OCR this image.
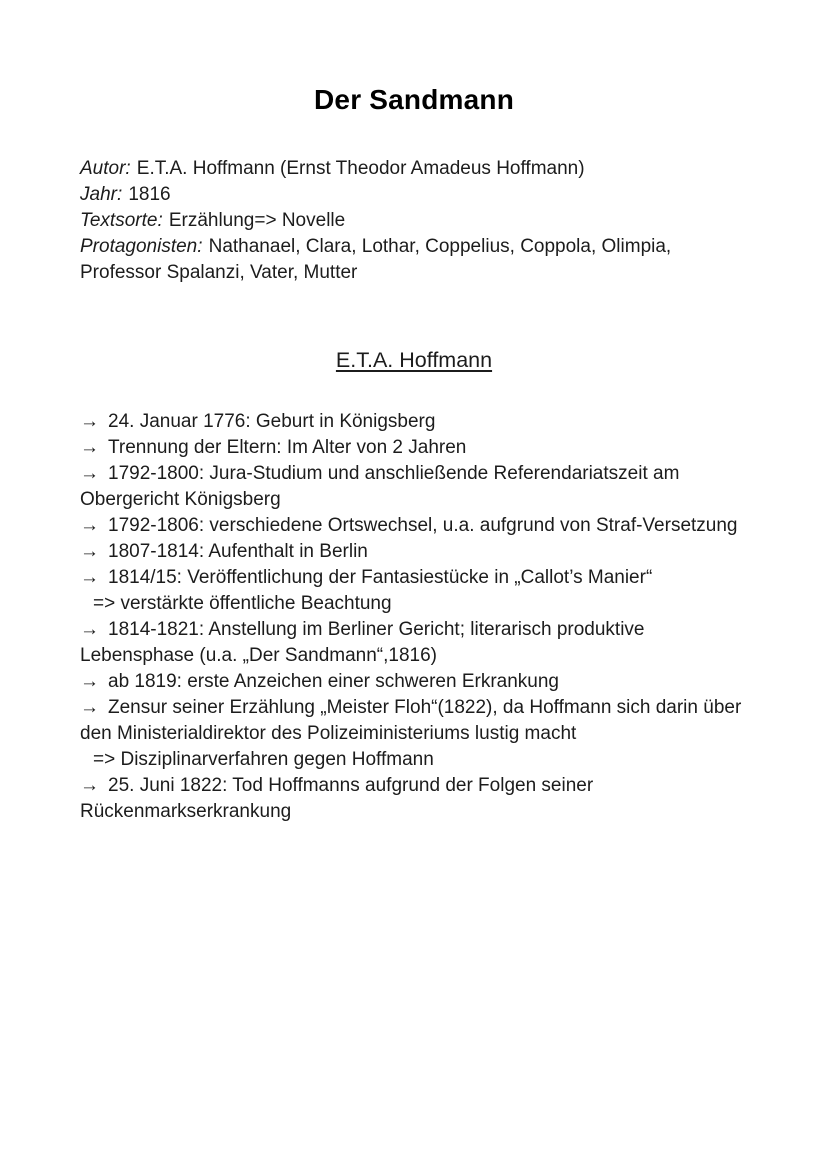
Der Sandmann

Autor: E.T.A. Hoffmann (Ernst Theodor Amadeus Hoffmann)

Jahr: 1816

Textsorte: Erzählung=> Novelle

Protagonisten: Nathanael, Clara, Lothar, Coppelius, Coppola, Olimpia, Professor Spalanzi, Vater, Mutter

E.T.A. Hoffmann

→ 24. Januar 1776: Geburt in Königsberg

→ Trennung der Eltern: Im Alter von 2 Jahren

→ 1792-1800: Jura-Studium und anschließende Referendariatszeit am Obergericht Königsberg

→ 1792-1806: verschiedene Ortswechsel, u.a. aufgrund von Straf-Versetzung

→ 1807-1814: Aufenthalt in Berlin

→ 1814/15: Veröffentlichung der Fantasiestücke in „Callot’s Manier“

=> verstärkte öffentliche Beachtung

→ 1814-1821: Anstellung im Berliner Gericht; literarisch produktive Lebensphase (u.a. „Der Sandmann“,1816)

→ ab 1819: erste Anzeichen einer schweren Erkrankung

→ Zensur seiner Erzählung „Meister Floh“(1822), da Hoffmann sich darin über den Ministerialdirektor des Polizeiministeriums lustig macht

=> Disziplinarverfahren gegen Hoffmann

→ 25. Juni 1822: Tod Hoffmanns aufgrund der Folgen seiner Rückenmarkserkrankung
